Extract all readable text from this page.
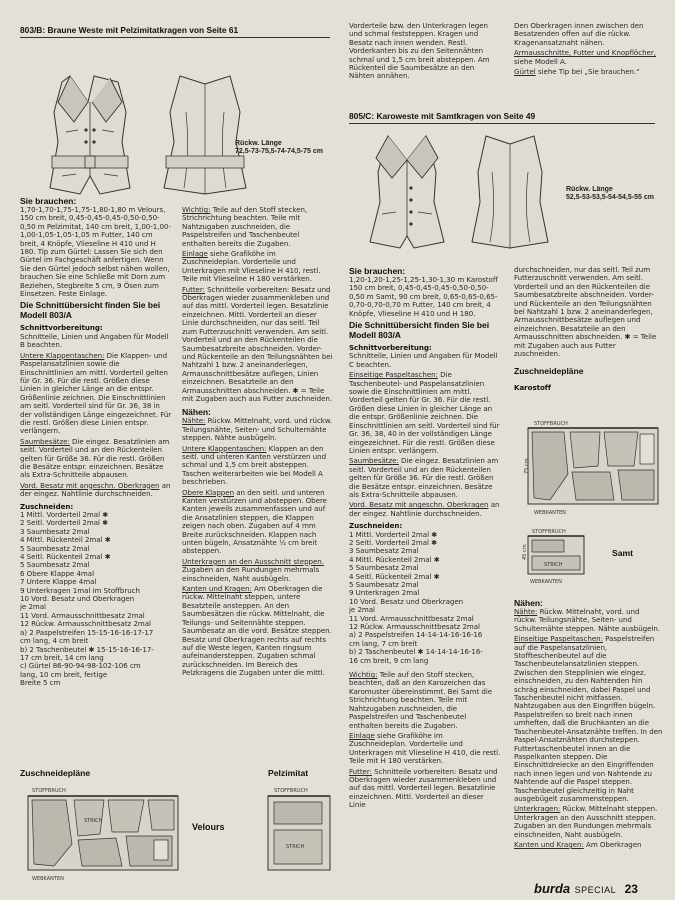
803/B: Braune Weste mit Pelzimitatkragen von Seite 61
Rückw. Länge
72,5-73-75,5-74-74,5-75 cm
Sie brauchen:

1,70-1,70-1,75-1,75-1,80-1,80 m Velours, 150 cm breit, 0,45-0,45-0,45-0,50-0,50-0,50 m Pelzimitat, 140 cm breit, 1,00-1,00-1,00-1,05-1,05-1,05 m Futter, 140 cm breit, 4 Knöpfe, Vlieseline H 410 und H 180. Tip zum Gürtel: Lassen Sie sich den Gürtel im Fachgeschäft anfertigen. Wenn Sie den Gürtel jedoch selbst nähen wollen, brauchen Sie eine Schließe mit Dorn zum Beziehen, Stegbreite 5 cm, 9 Ösen zum Einsetzen. Feste Einlage.

Die Schnittübersicht finden Sie bei Modell 803/A
Schnittvorbereitung:

Schnitteile, Linien und Angaben für Modell B beachten.

Untere Klappentaschen: Die Klappen- und Paspelansatzlinien sowie die Einschnittlinien am mittl. Vorderteil gelten für Gr. 36. Für die restl. Größen diese Linien in gleicher Länge an die entspr. Größenlinie zeichnen. Die Einschnittlinien am seitl. Vorderteil sind für Gr. 36, 38 in der vollständigen Länge eingezeichnet. Für die restl. Größen diese Linien entspr. verlängern.

Saumbesätze: Die eingez. Besatzlinien am seitl. Vorderteil und an den Rückenteilen gelten für Größe 36. Für die restl. Größen die Besätze entspr. einzeichnen. Besätze als Extra-Schnitteile abpausen.

Vord. Besatz mit angeschn. Oberkragen an der eingez. Nahtlinie durchschneiden.

Zuschneiden:
1 Mittl. Vorderteil 2mal ✱
2 Seitl. Vorderteil 2mal ✱
3 Saumbesatz 2mal
4 Mittl. Rückenteil 2mal ✱
5 Saumbesatz 2mal
4 Seitl. Rückenteil 2mal ✱
5 Saumbesatz 2mal
6 Obere Klappe 4mal
7 Untere Klappe 4mal
9 Unterkragen 1mal im Stoffbruch
10 Vord. Besatz und Oberkragen
je 2mal
11 Vord. Armausschnittbesatz 2mal
12 Rückw. Armausschnittbesatz 2mal
a) 2 Paspelstreifen 15-15-16-16-17-17
cm lang, 4 cm breit
b) 2 Taschenbeutel ✱ 15-15-16-16-17-
17 cm breit, 14 cm lang
c) Gürtel 86-90-94-98-102-106 cm
lang, 10 cm breit, fertige
Breite 5 cm
Zuschneidepläne
STOFFBRUCH
WEBKANTEN
STRICH
Velours
Pelzimitat
STOFFBRUCH
STRICH

Wichtig: Teile auf den Stoff stecken, Strichrichtung beachten. Teile mit Nahtzugaben zuschneiden, die Paspelstreifen und Taschenbeutel enthalten bereits die Zugaben.

Einlage siehe Grafiköhe im Zuschneideplan. Vorderteile und Unterkragen mit Vlieseline H 410, restl. Teile mit Vlieseline H 180 verstärken.

Futter: Schnitteile vorbereiten: Besatz und Oberkragen wieder zusammenkleben und auf das mittl. Vorderteil legen. Besatzlinie einzeichnen. Mittl. Vorderteil an dieser Linie durchschneiden, nur das seitl. Teil zum Futterzuschnitt verwenden. Am seitl. Vorderteil und an den Rückenteilen die Saumbesatzbreite abschneiden. Vorder- und Rückenteile an den Teilungsnähten bei Nahtzahl 1 bzw. 2 aneinanderlegen, Armausschnittbesätze auflegen, Linien einzeichnen. Besatzteile an den Armausschnitten abschneiden. ✱ = Teile mit Zugaben auch aus Futter zuschneiden.

Nähen:

Nähte: Rückw. Mittelnaht, vord. und rückw. Teilungsnähte, Seiten- und Schulternähte steppen. Nähte ausbügeln.

Untere Klappentaschen: Klappen an den seitl. und unteren Kanten verstürzen und schmal und 1,5 cm breit absteppen. Taschen weiterarbeiten wie bei Modell A beschrieben.

Obere Klappen an den seitl. und unteren Kanten verstürzen und absteppen. Obere Kanten jeweils zusammenfassen und auf die Ansatzlinien steppen, die Klappen zeigen nach oben. Zugaben auf 4 mm Breite zurückschneiden. Klappen nach unten bügeln, Ansatznähte ½ cm breit absteppen.

Unterkragen an den Ausschnitt steppen. Zugaben an den Rundungen mehrmals einschneiden, Naht ausbügeln.

Kanten und Kragen: Am Oberkragen die rückw. Mittelnaht steppen, untere Besatzteile ansteppen. An den Saumbesätzen die rückw. Mittelnaht, die Teilungs- und Seitennähte steppen. Saumbesatz an die vord. Besätze steppen. Besatz und Oberkragen rechts auf rechts auf die Weste legen, Kanten ringsum aufeinandersteppen. Zugaben schmal zurückschneiden. Im Bereich des Pelzkragens die Zugaben unter die mittl.

Vorderteile bzw. den Unterkragen legen und schmal feststeppen. Kragen und Besatz nach innen wenden. Restl. Vorderkanten bis zu den Seitennähten schmal und 1,5 cm breit absteppen. Am Rückenteil die Saumbesätze an den Nähten annähen.

805/C: Karoweste mit Samtkragen von Seite 49
Rückw. Länge
52,5-53-53,5-54-54,5-55 cm
Sie brauchen:

1,20-1,20-1,25-1,25-1,30-1,30 m Karostoff 150 cm breit, 0,45-0,45-0,45-0,50-0,50-0,50 m Samt, 90 cm breit, 0,65-0,65-0,65-0,70-0,70-0,70 m Futter, 140 cm breit, 4 Knöpfe, Vlieseline H 410 und H 180.

Die Schnittübersicht finden Sie bei Modell 803/A
Schnittvorbereitung:

Schnitteile, Linien und Angaben für Modell C beachten.

Einseitige Paspeltaschen: Die Taschenbeutel- und Paspelansatzlinien sowie die Einschnittlinien am mittl. Vorderteil gelten für Gr. 36. Für die restl. Größen diese Linien in gleicher Länge an die entspr. Größenlinie zeichnen. Die Einschnittlinien am seitl. Vorderteil sind für Gr. 36, 38, 40 in der vollständigen Länge eingezeichnet. Für die restl. Größen diese Linien entspr. verlängern.

Saumbesätze: Die eingez. Besatzlinien am seitl. Vorderteil und an den Rückenteilen gelten für Größe 36. Für die restl. Größen die Besätze entspr. einzeichnen. Besätze als Extra-Schnitteile abpausen.

Vord. Besatz mit angeschn. Oberkragen an der eingez. Nahtlinie durchschneiden.

Zuschneiden:
1 Mittl. Vorderteil 2mal ✱
2 Seitl. Vorderteil 2mal ✱
3 Saumbesatz 2mal
4 Mittl. Rückenteil 2mal ✱
5 Saumbesatz 2mal
4 Seitl. Rückenteil 2mal ✱
5 Saumbesatz 2mal
9 Unterkragen 2mal
10 Vord. Besatz und Oberkragen
je 2mal
11 Vord. Armausschnittbesatz 2mal
12 Rückw. Armausschnittbesatz 2mal
a) 2 Paspelstreifen 14-14-14-16-16-16
cm lang, 7 cm breit
b) 2 Taschenbeutel ✱ 14-14-14-16-16-
16 cm breit, 9 cm lang

Wichtig: Teile auf den Stoff stecken, beachten, daß an den Karozeichen das Karomuster übereinstimmt. Bei Samt die Strichrichtung beachten. Teile mit Nahtzugaben zuschneiden, die Paspelstreifen und Taschenbeutel enthalten bereits die Zugaben.

Einlage siehe Grafiköhe im Zuschneideplan. Vorderteile und Unterkragen mit Vlieseline H 410, die restl. Teile mit H 180 verstärken.

Futter: Schnitteile vorbereiten: Besatz und Oberkragen wieder zusammenkleben und auf das mittl. Vorderteil legen. Besatzlinie einzeichnen. Mittl. Vorderteil an dieser Linie

Den Oberkragen innen zwischen den Besatzenden offen auf die rückw. Kragenansatznaht nähen.

Armausschnitte, Futter und Knopflöcher, siehe Modell A.

Gürtel siehe Tip bei „Sie brauchen.“

durchschneiden, nur das seitl. Teil zum Futterzuschnitt verwenden. Am seitl. Vorderteil und an den Rückenteilen die Saumbesatzbreite abschneiden. Vorder- und Rückenteile an den Teilungsnähten bei Nahtzahl 1 bzw. 2 aneinanderlegen, Armausschnittbesätze auflegen und einzeichnen. Besatzteile an den Armausschnitten abschneiden. ✱ = Teile mit Zugaben auch aus Futter zuschneiden.

Zuschneidepläne
Karostoff
STOFFBRUCH
WEBKANTEN
75 cm
STOFFBRUCH
STRICH
WEBKANTEN
45 cm	Samt
Nähen:

Nähte: Rückw. Mittelnaht, vord. und rückw. Teilungsnähte, Seiten- und Schulternähte steppen. Nähte ausbügeln.

Einseitige Paspeltaschen: Paspelstreifen auf die Paspelansatzlinien, Stoffteschenbeutel auf die Taschenbeutelansatzlinien steppen. Zwischen den Stepplinien wie eingez. einschneiden, zu den Nahtenden hin schräg einschneiden, dabei Paspel und Taschenbeutel nicht mitfassen. Nahtzugaben aus den Eingriffen bügeln. Paspelstreifen so breit nach innen umheften, daß die Bruchkanten an die Taschenbeutel-Ansatznähte treffen. In den Paspel-Ansatznähten durchsteppen. Futtertaschenbeutel innen an die Paspelkanten steppen. Die Einschnittdreiecke an den Eingriffenden nach innen legen und von Nahtende zu Nahtende auf die Paspel steppen. Taschenbeutel gleichzeitig in Naht ausgebügelt zusammensteppen.

Unterkragen: Rückw. Mittelnaht steppen. Unterkragen an den Ausschnitt steppen. Zugaben an den Rundungen mehrmals einschneiden, Naht ausbügeln.

Kanten und Kragen: Am Oberkragen

burda SPECIAL 23
